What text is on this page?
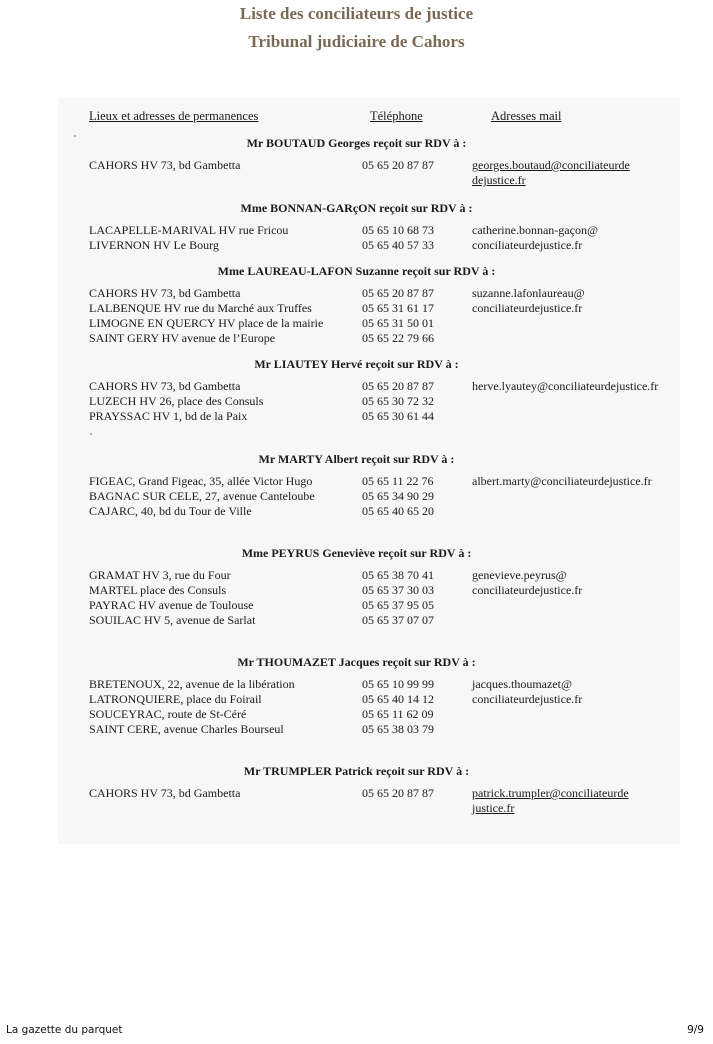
Liste des conciliateurs de justice
Tribunal judiciaire de Cahors
Lieux et adresses de permanences	Téléphone	Adresses mail
Mr BOUTAUD Georges reçoit sur RDV à :
CAHORS HV 73, bd Gambetta	05 65 20 87 87	georges.boutaud@conciliateurde
dejustice.fr
Mme BONNAN-GARçON reçoit sur RDV à :
LACAPELLE-MARIVAL HV rue Fricou	05 65 10 68 73	catherine.bonnan-gaçon@
LIVERNON HV Le Bourg	05 65 40 57 33	conciliateurdejustice.fr
Mme LAUREAU-LAFON Suzanne reçoit sur RDV à :
CAHORS HV 73, bd Gambetta	05 65 20 87 87	suzanne.lafonlaureau@
LALBENQUE HV rue du Marché aux Truffes	05 65 31 61 17	conciliateurdejustice.fr
LIMOGNE EN QUERCY HV place de la mairie	05 65 31 50 01
SAINT GERY HV avenue de l’Europe	05 65 22 79 66
Mr LIAUTEY Hervé reçoit sur RDV à :
CAHORS HV 73, bd Gambetta	05 65 20 87 87	herve.lyautey@conciliateurdejustice.fr
LUZECH HV 26, place des Consuls	05 65 30 72 32
PRAYSSAC HV 1, bd de la Paix	05 65 30 61 44
Mr MARTY Albert reçoit sur RDV à :
FIGEAC, Grand Figeac, 35, allée Victor Hugo	05 65 11 22 76	albert.marty@conciliateurdejustice.fr
BAGNAC SUR CELE, 27, avenue Canteloube	05 65 34 90 29
CAJARC, 40, bd du Tour de Ville	05 65 40 65 20
Mme PEYRUS Geneviève reçoit sur RDV à :
GRAMAT HV 3, rue du Four	05 65 38 70 41	genevieve.peyrus@
MARTEL place des Consuls	05 65 37 30 03	conciliateurdejustice.fr
PAYRAC HV avenue de Toulouse	05 65 37 95 05
SOUILAC HV 5, avenue de Sarlat	05 65 37 07 07
Mr THOUMAZET Jacques reçoit sur RDV à :
BRETENOUX, 22, avenue de la libération	05 65 10 99 99	jacques.thoumazet@
LATRONQUIERE, place du Foirail	05 65 40 14 12	conciliateurdejustice.fr
SOUCEYRAC, route de St-Céré	05 65 11 62 09
SAINT CERE, avenue Charles Bourseul	05 65 38 03 79
Mr TRUMPLER Patrick reçoit sur RDV à :
CAHORS HV 73, bd Gambetta	05 65 20 87 87	patrick.trumpler@conciliateurde
justice.fr
La gazette du parquet	9/9
